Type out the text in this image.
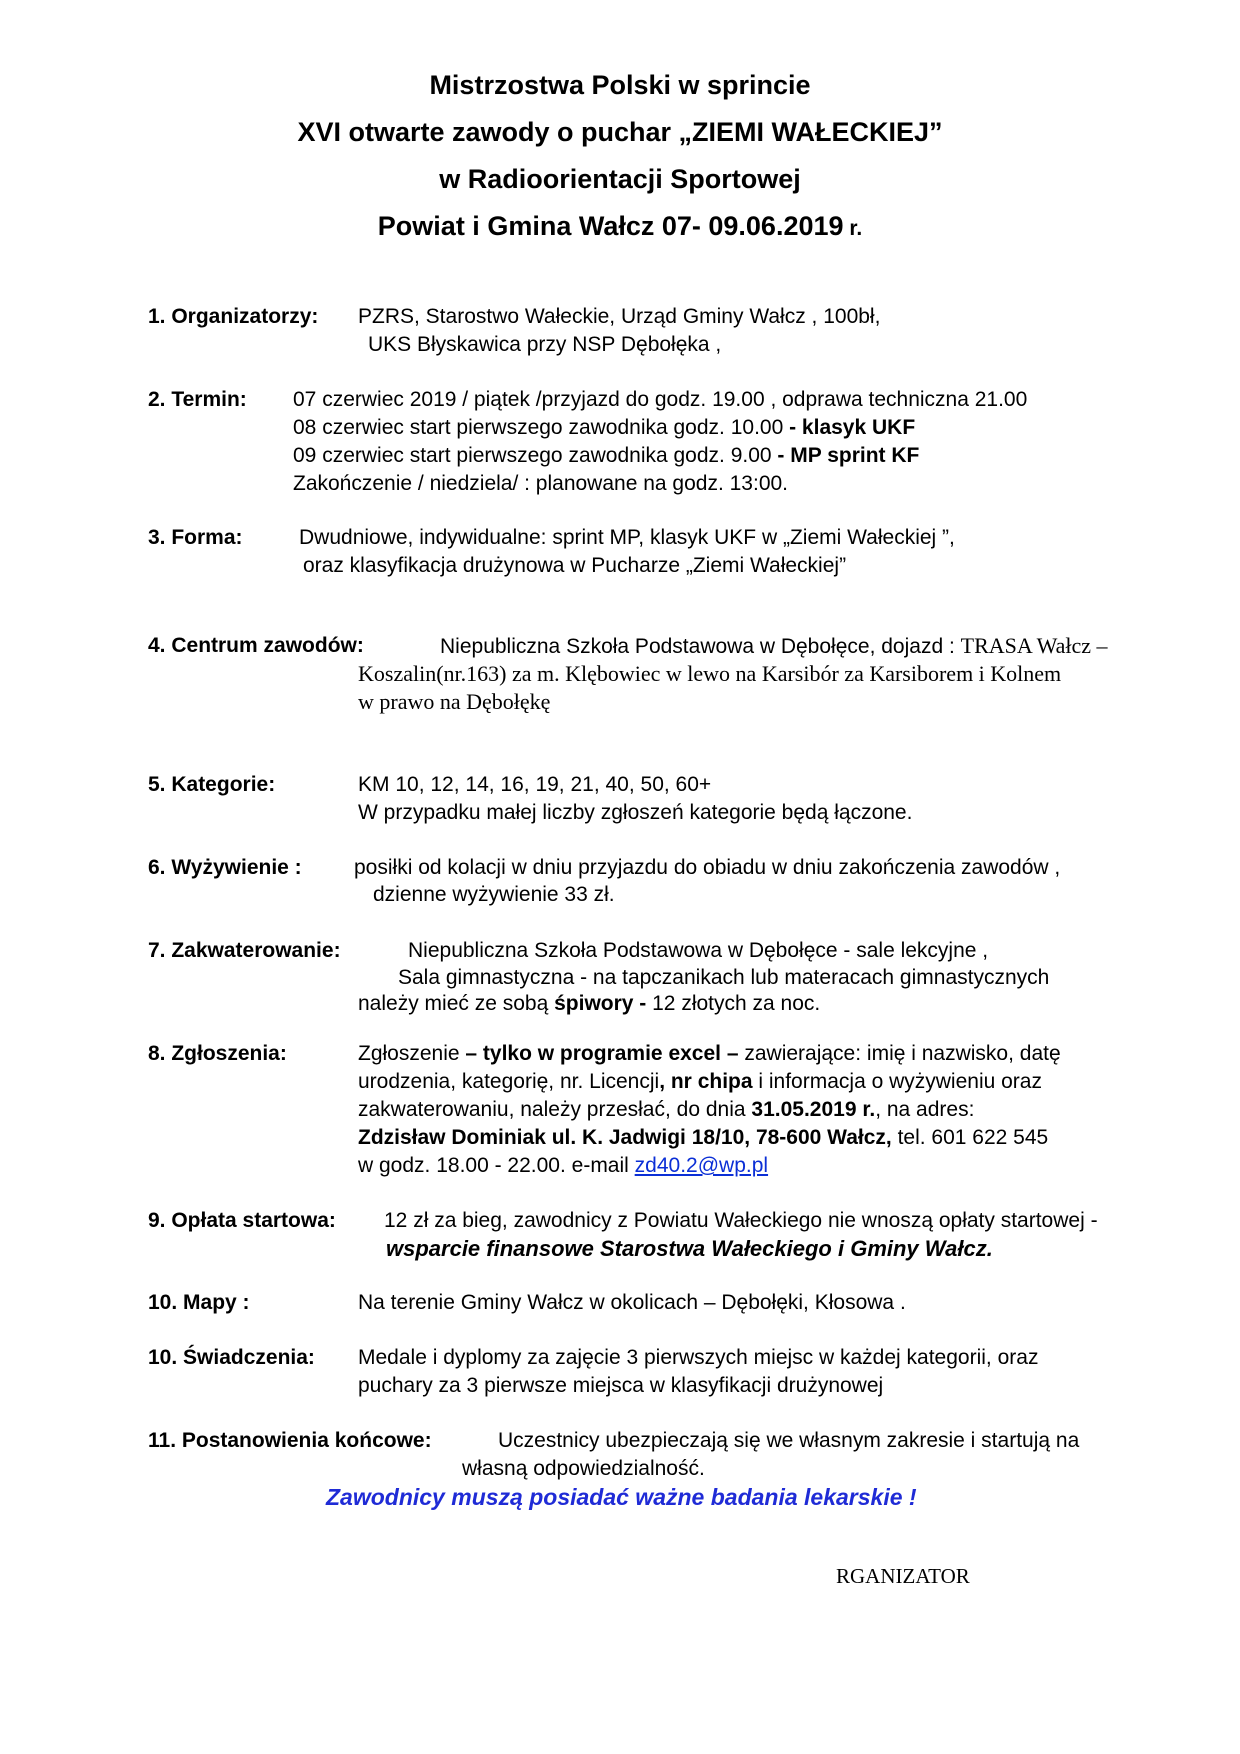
Mistrzostwa Polski w sprincie
XVI otwarte zawody o puchar „ZIEMI WAŁECKIEJ”
w Radioorientacji Sportowej
Powiat i Gmina Wałcz 07- 09.06.2019 r.
1. Organizatorzy: PZRS, Starostwo Wałeckie, Urząd Gminy Wałcz , 100bł,
UKS Błyskawica przy NSP Dębołęka ,
2. Termin: 07 czerwiec 2019 / piątek /przyjazd do godz. 19.00 , odprawa techniczna 21.00
08 czerwiec start pierwszego zawodnika godz. 10.00 - klasyk UKF
09 czerwiec start pierwszego zawodnika godz. 9.00 - MP sprint KF
Zakończenie / niedziela/ : planowane na godz. 13:00.
3. Forma:	Dwudniowe, indywidualne: sprint MP, klasyk UKF w „Ziemi Wałeckiej ”,
oraz klasyfikacja drużynowa w Pucharze „Ziemi Wałeckiej”
4. Centrum zawodów:	Niepubliczna Szkoła Podstawowa w Dębołęce, dojazd : TRASA Wałcz –
Koszalin(nr.163) za m. Klębowiec w lewo na Karsibór za Karsiborem i Kolnem
w prawo na Dębołękę
5. Kategorie:	KM 10, 12, 14, 16, 19, 21, 40, 50, 60+
W przypadku małej liczby zgłoszeń kategorie będą łączone.
6. Wyżywienie : posiłki od kolacji w dniu przyjazdu do obiadu w dniu zakończenia zawodów ,
dzienne wyżywienie 33 zł.
7. Zakwaterowanie:	Niepubliczna Szkoła Podstawowa w Dębołęce - sale lekcyjne ,
Sala gimnastyczna - na tapczanikach lub materacach gimnastycznych
należy mieć ze sobą śpiwory - 12 złotych za noc.
8. Zgłoszenia:	Zgłoszenie – tylko w programie excel – zawierające: imię i nazwisko, datę
urodzenia, kategorię, nr. Licencji, nr chipa i informacja o wyżywieniu oraz
zakwaterowaniu, należy przesłać, do dnia 31.05.2019 r., na adres:
Zdzisław Dominiak ul. K. Jadwigi 18/10, 78-600 Wałcz, tel. 601 622 545
w godz. 18.00 - 22.00. e-mail zd40.2@wp.pl
9. Opłata startowa: 12 zł za bieg, zawodnicy z Powiatu Wałeckiego nie wnoszą opłaty startowej -
wsparcie finansowe Starostwa Wałeckiego i Gminy Wałcz.
10. Mapy :	Na terenie Gminy Wałcz w okolicach – Dębołęki, Kłosowa .
10. Świadczenia: Medale i dyplomy za zajęcie 3 pierwszych miejsc w każdej kategorii, oraz
puchary za 3 pierwsze miejsca w klasyfikacji drużynowej
11. Postanowienia końcowe:	Uczestnicy ubezpieczają się we własnym zakresie i startują na
własną odpowiedzialność.
Zawodnicy muszą posiadać ważne badania lekarskie !
RGANIZATOR
